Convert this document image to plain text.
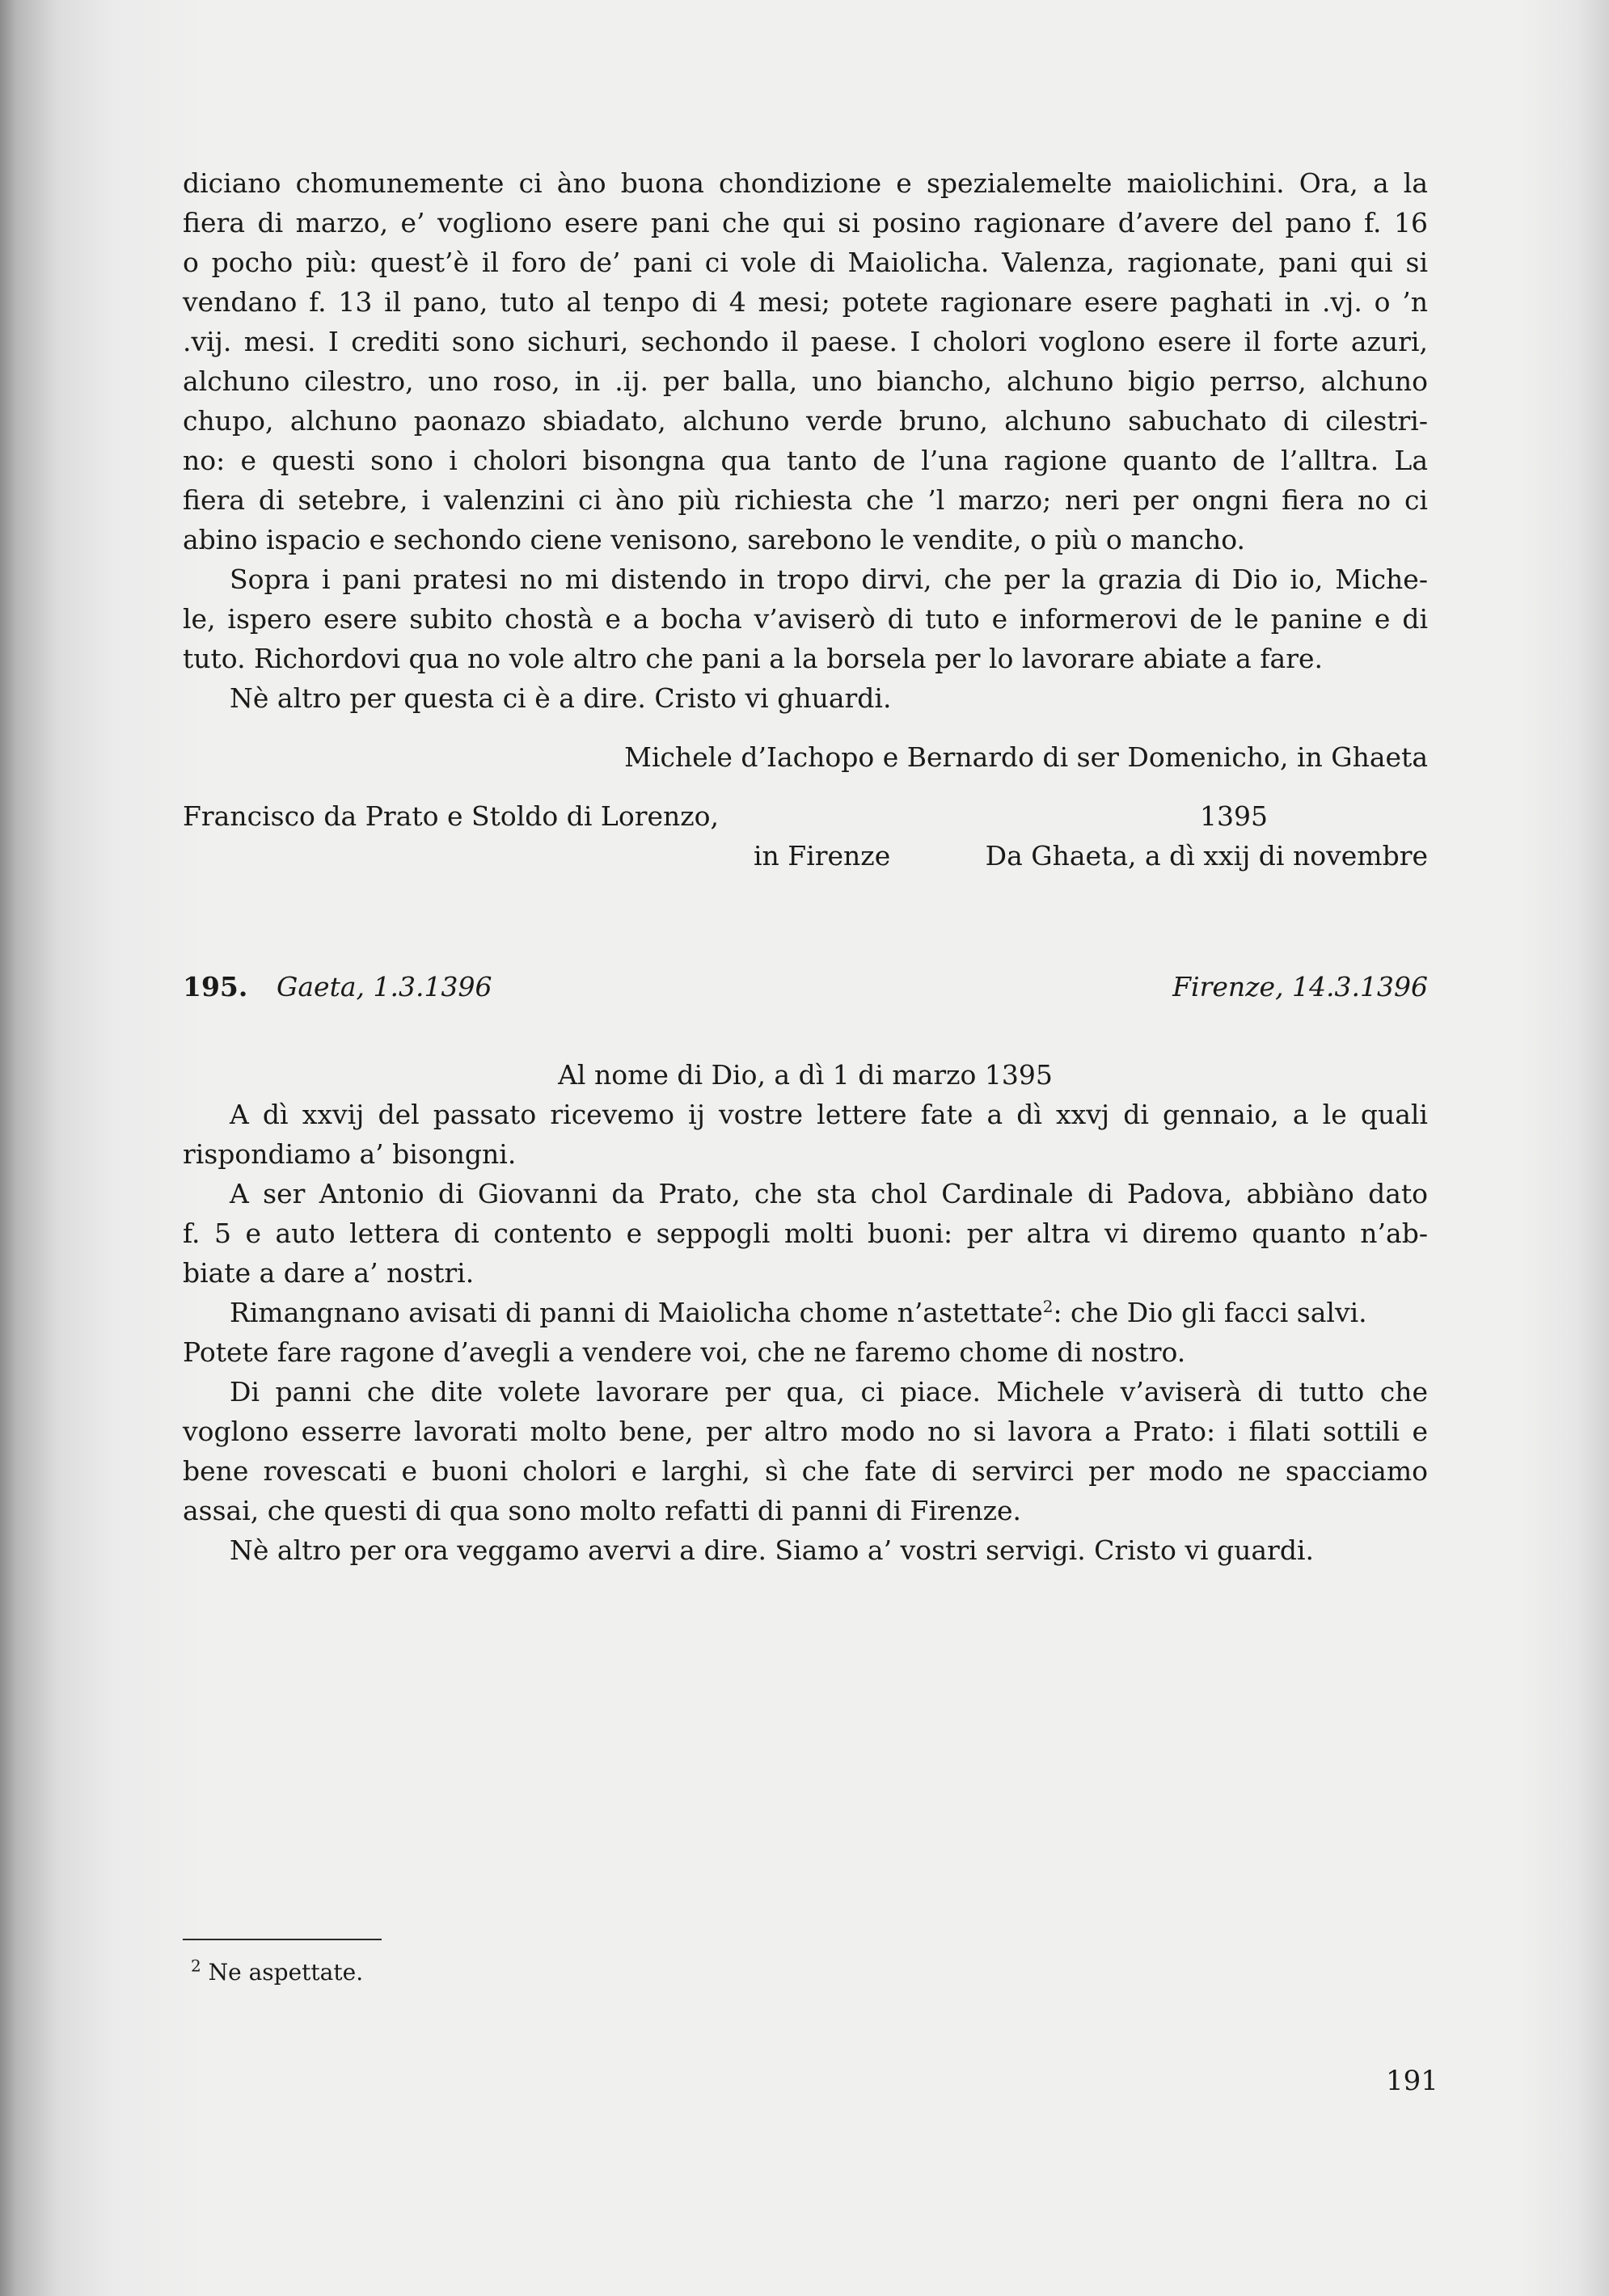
diciano chomunemente ci àno buona chondizione e spezialemelte maiolichini. Ora, a la
fiera di marzo, e’ vogliono esere pani che qui si posino ragionare d’avere del pano f. 16
o pocho più: quest’è il foro de’ pani ci vole di Maiolicha. Valenza, ragionate, pani qui si
vendano f. 13 il pano, tuto al tenpo di 4 mesi; potete ragionare esere paghati in .vj. o ’n
.vij. mesi. I crediti sono sichuri, sechondo il paese. I cholori voglono esere il forte azuri,
alchuno cilestro, uno roso, in .ij. per balla, uno biancho, alchuno bigio perrso, alchuno
chupo, alchuno paonazo sbiadato, alchuno verde bruno, alchuno sabuchato di cilestri-
no: e questi sono i cholori bisongna qua tanto de l’una ragione quanto de l’alltra. La
fiera di setebre, i valenzini ci àno più richiesta che ’l marzo; neri per ongni fiera no ci
abino ispacio e sechondo ciene venisono, sarebono le vendite, o più o mancho.
Sopra i pani pratesi no mi distendo in tropo dirvi, che per la grazia di Dio io, Miche-
le, ispero esere subito chostà e a bocha v’aviserò di tuto e informerovi de le panine e di
tuto. Richordovi qua no vole altro che pani a la borsela per lo lavorare abiate a fare.
Nè altro per questa ci è a dire. Cristo vi ghuardi.
Michele d’Iachopo e Bernardo di ser Domenicho, in Ghaeta
Franciscо da Prato e Stoldo di Lorenzo,	1395
in Firenze	Da Ghaeta, a dì xxij di novembre
195. Gaeta, 1.3.1396	Firenze, 14.3.1396
Al nome di Dio, a dì 1 di marzo 1395
A dì xxvij del passato ricevemo ij vostre lettere fate a dì xxvj di gennaio, a le quali
rispondiamo a’ bisongni.
A ser Antonio di Giovanni da Prato, che sta chol Cardinale di Padova, abbiàno dato
f. 5 e auto lettera di contento e seppogli molti buoni: per altra vi diremo quanto n’ab-
biate a dare a’ nostri.
Rimangnano avisati di panni di Maiolicha chome n’astettate$^2$: che Dio gli facci salvi.
Potete fare ragone d’avegli a vendere voi, che ne faremo chome di nostro.
Di panni che dite volete lavorare per qua, ci piace. Michele v’aviserà di tutto che
voglono esserre lavorati molto bene, per altro modo no si lavora a Prato: i filati sottili e
bene rovescati e buoni cholori e larghi, sì che fate di servirci per modo ne spacciamo
assai, che questi di qua sono molto refatti di panni di Firenze.
Nè altro per ora veggamo avervi a dire. Siamo a’ vostri servigi. Cristo vi guardi.
$^2$ Ne aspettate.
191
